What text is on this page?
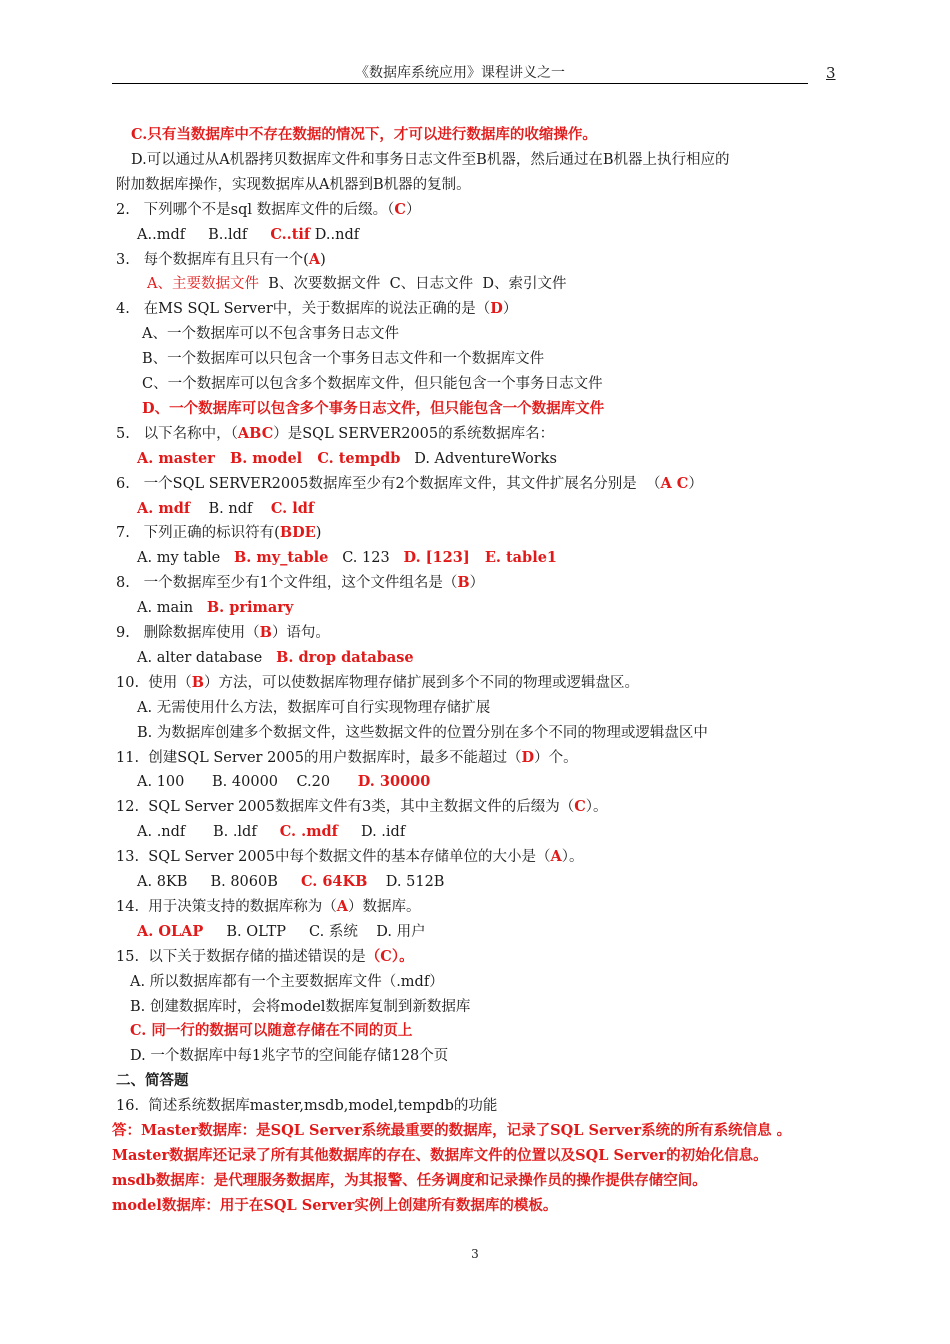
《数据库系统应用》课程讲义之一	3
C.只有当数据库中不存在数据的情况下，才可以进行数据库的收缩操作。
D.可以通过从A机器拷贝数据库文件和事务日志文件至B机器，然后通过在B机器上执行相应的
附加数据库操作，实现数据库从A机器到B机器的复制。
2.   下列哪个不是sql 数据库文件的后缀。（C）
A..mdf     B..ldf     C..tif D..ndf
3.   每个数据库有且只有一个(A)
A、主要数据文件  B、次要数据文件  C、日志文件  D、索引文件
4.   在MS SQL Server中，关于数据库的说法正确的是（D）
A、一个数据库可以不包含事务日志文件
B、一个数据库可以只包含一个事务日志文件和一个数据库文件
C、一个数据库可以包含多个数据库文件，但只能包含一个事务日志文件
D、一个数据库可以包含多个事务日志文件，但只能包含一个数据库文件
5.   以下名称中，（ABC）是SQL SERVER2005的系统数据库名：
A. master   B. model   C. tempdb   D. AdventureWorks
6.   一个SQL SERVER2005数据库至少有2个数据库文件，其文件扩展名分别是  （A C）
A. mdf    B. ndf    C. ldf
7.   下列正确的标识符有(BDE)
A. my table   B. my_table   C. 123   D. [123]   E. table1
8.   一个数据库至少有1个文件组，这个文件组名是（B）
A. main   B. primary
9.   删除数据库使用（B）语句。
A. alter database   B. drop database
10.  使用（B）方法，可以使数据库物理存储扩展到多个不同的物理或逻辑盘区。
A. 无需使用什么方法，数据库可自行实现物理存储扩展
B. 为数据库创建多个数据文件，这些数据文件的位置分别在多个不同的物理或逻辑盘区中
11.  创建SQL Server 2005的用户数据库时，最多不能超过（D）个。
A. 100      B. 40000    C.20      D. 30000
12.  SQL Server 2005数据库文件有3类，其中主数据文件的后缀为（C）。
A. .ndf      B. .ldf     C. .mdf     D. .idf
13.  SQL Server 2005中每个数据文件的基本存储单位的大小是（A）。
A. 8KB     B. 8060B     C. 64KB    D. 512B
14.  用于决策支持的数据库称为（A）数据库。
A. OLAP     B. OLTP     C. 系统    D. 用户
15.  以下关于数据存储的描述错误的是（C）。
A. 所以数据库都有一个主要数据库文件（.mdf）
B. 创建数据库时，会将model数据库复制到新数据库
C. 同一行的数据可以随意存储在不同的页上
D. 一个数据库中每1兆字节的空间能存储128个页
二、简答题
16.  简述系统数据库master,msdb,model,tempdb的功能
答：Master数据库：是SQL Server系统最重要的数据库，记录了SQL Server系统的所有系统信息 。
Master数据库还记录了所有其他数据库的存在、数据库文件的位置以及SQL Server的初始化信息。
msdb数据库：是代理服务数据库，为其报警、任务调度和记录操作员的操作提供存储空间。
model数据库：用于在SQL Server实例上创建所有数据库的模板。
3
